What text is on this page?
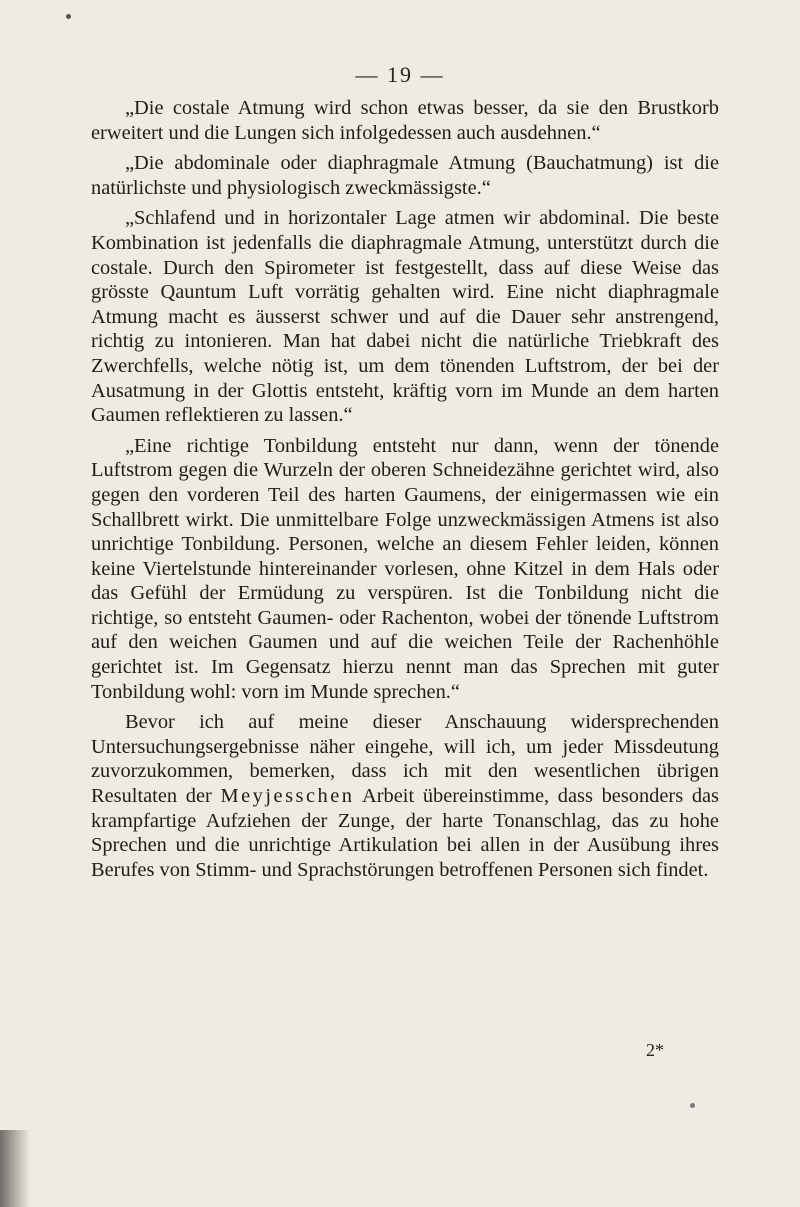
— 19 —

„Die costale Atmung wird schon etwas besser, da sie den Brustkorb erweitert und die Lungen sich infolgedessen auch ausdehnen.“

„Die abdominale oder diaphragmale Atmung (Bauchatmung) ist die natürlichste und physiologisch zweckmässigste.“

„Schlafend und in horizontaler Lage atmen wir abdominal. Die beste Kombination ist jedenfalls die diaphragmale Atmung, unterstützt durch die costale. Durch den Spirometer ist festgestellt, dass auf diese Weise das grösste Qauntum Luft vorrätig gehalten wird. Eine nicht diaphragmale Atmung macht es äusserst schwer und auf die Dauer sehr anstrengend, richtig zu intonieren. Man hat dabei nicht die natürliche Triebkraft des Zwerchfells, welche nötig ist, um dem tönenden Luftstrom, der bei der Ausatmung in der Glottis entsteht, kräftig vorn im Munde an dem harten Gaumen reflektieren zu lassen.“

„Eine richtige Tonbildung entsteht nur dann, wenn der tönende Luftstrom gegen die Wurzeln der oberen Schneidezähne gerichtet wird, also gegen den vorderen Teil des harten Gaumens, der einigermassen wie ein Schallbrett wirkt. Die unmittelbare Folge unzweckmässigen Atmens ist also unrichtige Tonbildung. Personen, welche an diesem Fehler leiden, können keine Viertelstunde hintereinander vorlesen, ohne Kitzel in dem Hals oder das Gefühl der Ermüdung zu verspüren. Ist die Tonbildung nicht die richtige, so entsteht Gaumen- oder Rachenton, wobei der tönende Luftstrom auf den weichen Gaumen und auf die weichen Teile der Rachenhöhle gerichtet ist. Im Gegensatz hierzu nennt man das Sprechen mit guter Tonbildung wohl: vorn im Munde sprechen.“

Bevor ich auf meine dieser Anschauung widersprechenden Untersuchungsergebnisse näher eingehe, will ich, um jeder Missdeutung zuvorzukommen, bemerken, dass ich mit den wesentlichen übrigen Resultaten der Meyjesschen Arbeit übereinstimme, dass besonders das krampfartige Aufziehen der Zunge, der harte Tonanschlag, das zu hohe Sprechen und die unrichtige Artikulation bei allen in der Ausübung ihres Berufes von Stimm- und Sprachstörungen betroffenen Personen sich findet.

2*
